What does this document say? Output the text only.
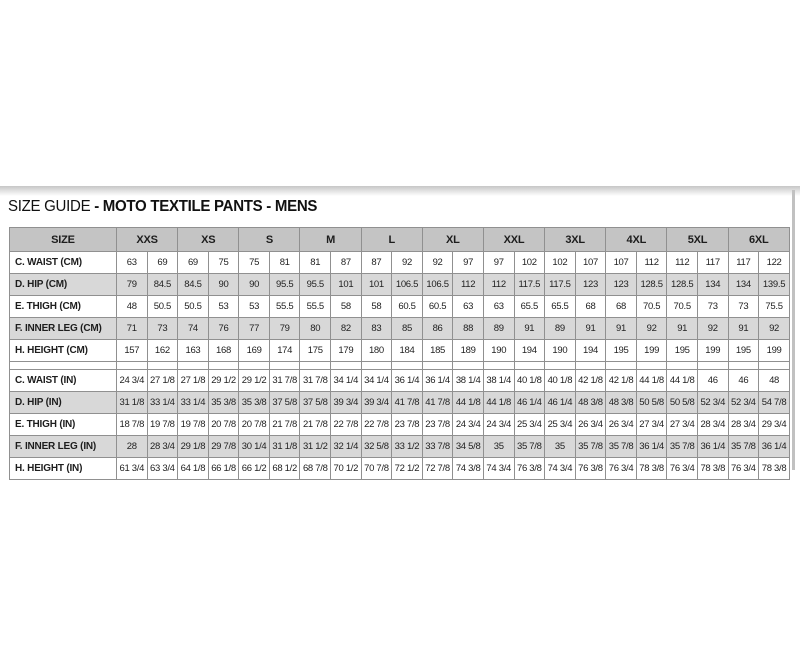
SIZE GUIDE - MOTO TEXTILE PANTS - MENS
SIZE	XXS		XS		S		M		L		XL		XXL		3XL		4XL		5XL		6XL	
C. WAIST (CM)	63	69	69	75	75	81	81	87	87	92	92	97	97	102	102	107	107	112	112	117	117	122
D. HIP (CM)	79	84.5	84.5	90	90	95.5	95.5	101	101	106.5	106.5	112	112	117.5	117.5	123	123	128.5	128.5	134	134	139.5
E. THIGH (CM)	48	50.5	50.5	53	53	55.5	55.5	58	58	60.5	60.5	63	63	65.5	65.5	68	68	70.5	70.5	73	73	75.5
F. INNER LEG (CM)	71	73	74	76	77	79	80	82	83	85	86	88	89	91	89	91	91	92	91	92	91	92
H. HEIGHT (CM)	157	162	163	168	169	174	175	179	180	184	185	189	190	194	190	194	195	199	195	199	195	199

C. WAIST (IN)	24 3/4	27 1/8	27 1/8	29 1/2	29 1/2	31 7/8	31 7/8	34 1/4	34 1/4	36 1/4	36 1/4	38 1/4	38 1/4	40 1/8	40 1/8	42 1/8	42 1/8	44 1/8	44 1/8	46	46	48
D. HIP (IN)	31 1/8	33 1/4	33 1/4	35 3/8	35 3/8	37 5/8	37 5/8	39 3/4	39 3/4	41 7/8	41 7/8	44 1/8	44 1/8	46 1/4	46 1/4	48 3/8	48 3/8	50 5/8	50 5/8	52 3/4	52 3/4	54 7/8
E. THIGH (IN)	18 7/8	19 7/8	19 7/8	20 7/8	20 7/8	21 7/8	21 7/8	22 7/8	22 7/8	23 7/8	23 7/8	24 3/4	24 3/4	25 3/4	25 3/4	26 3/4	26 3/4	27 3/4	27 3/4	28 3/4	28 3/4	29 3/4
F. INNER LEG (IN)	28	28 3/4	29 1/8	29 7/8	30 1/4	31 1/8	31 1/2	32 1/4	32 5/8	33 1/2	33 7/8	34 5/8	35	35 7/8	35	35 7/8	35 7/8	36 1/4	35 7/8	36 1/4	35 7/8	36 1/4
H. HEIGHT (IN)	61 3/4	63 3/4	64 1/8	66 1/8	66 1/2	68 1/2	68 7/8	70 1/2	70 7/8	72 1/2	72 7/8	74 3/8	74 3/4	76 3/8	74 3/4	76 3/8	76 3/4	78 3/8	76 3/4	78 3/8	76 3/4	78 3/8
